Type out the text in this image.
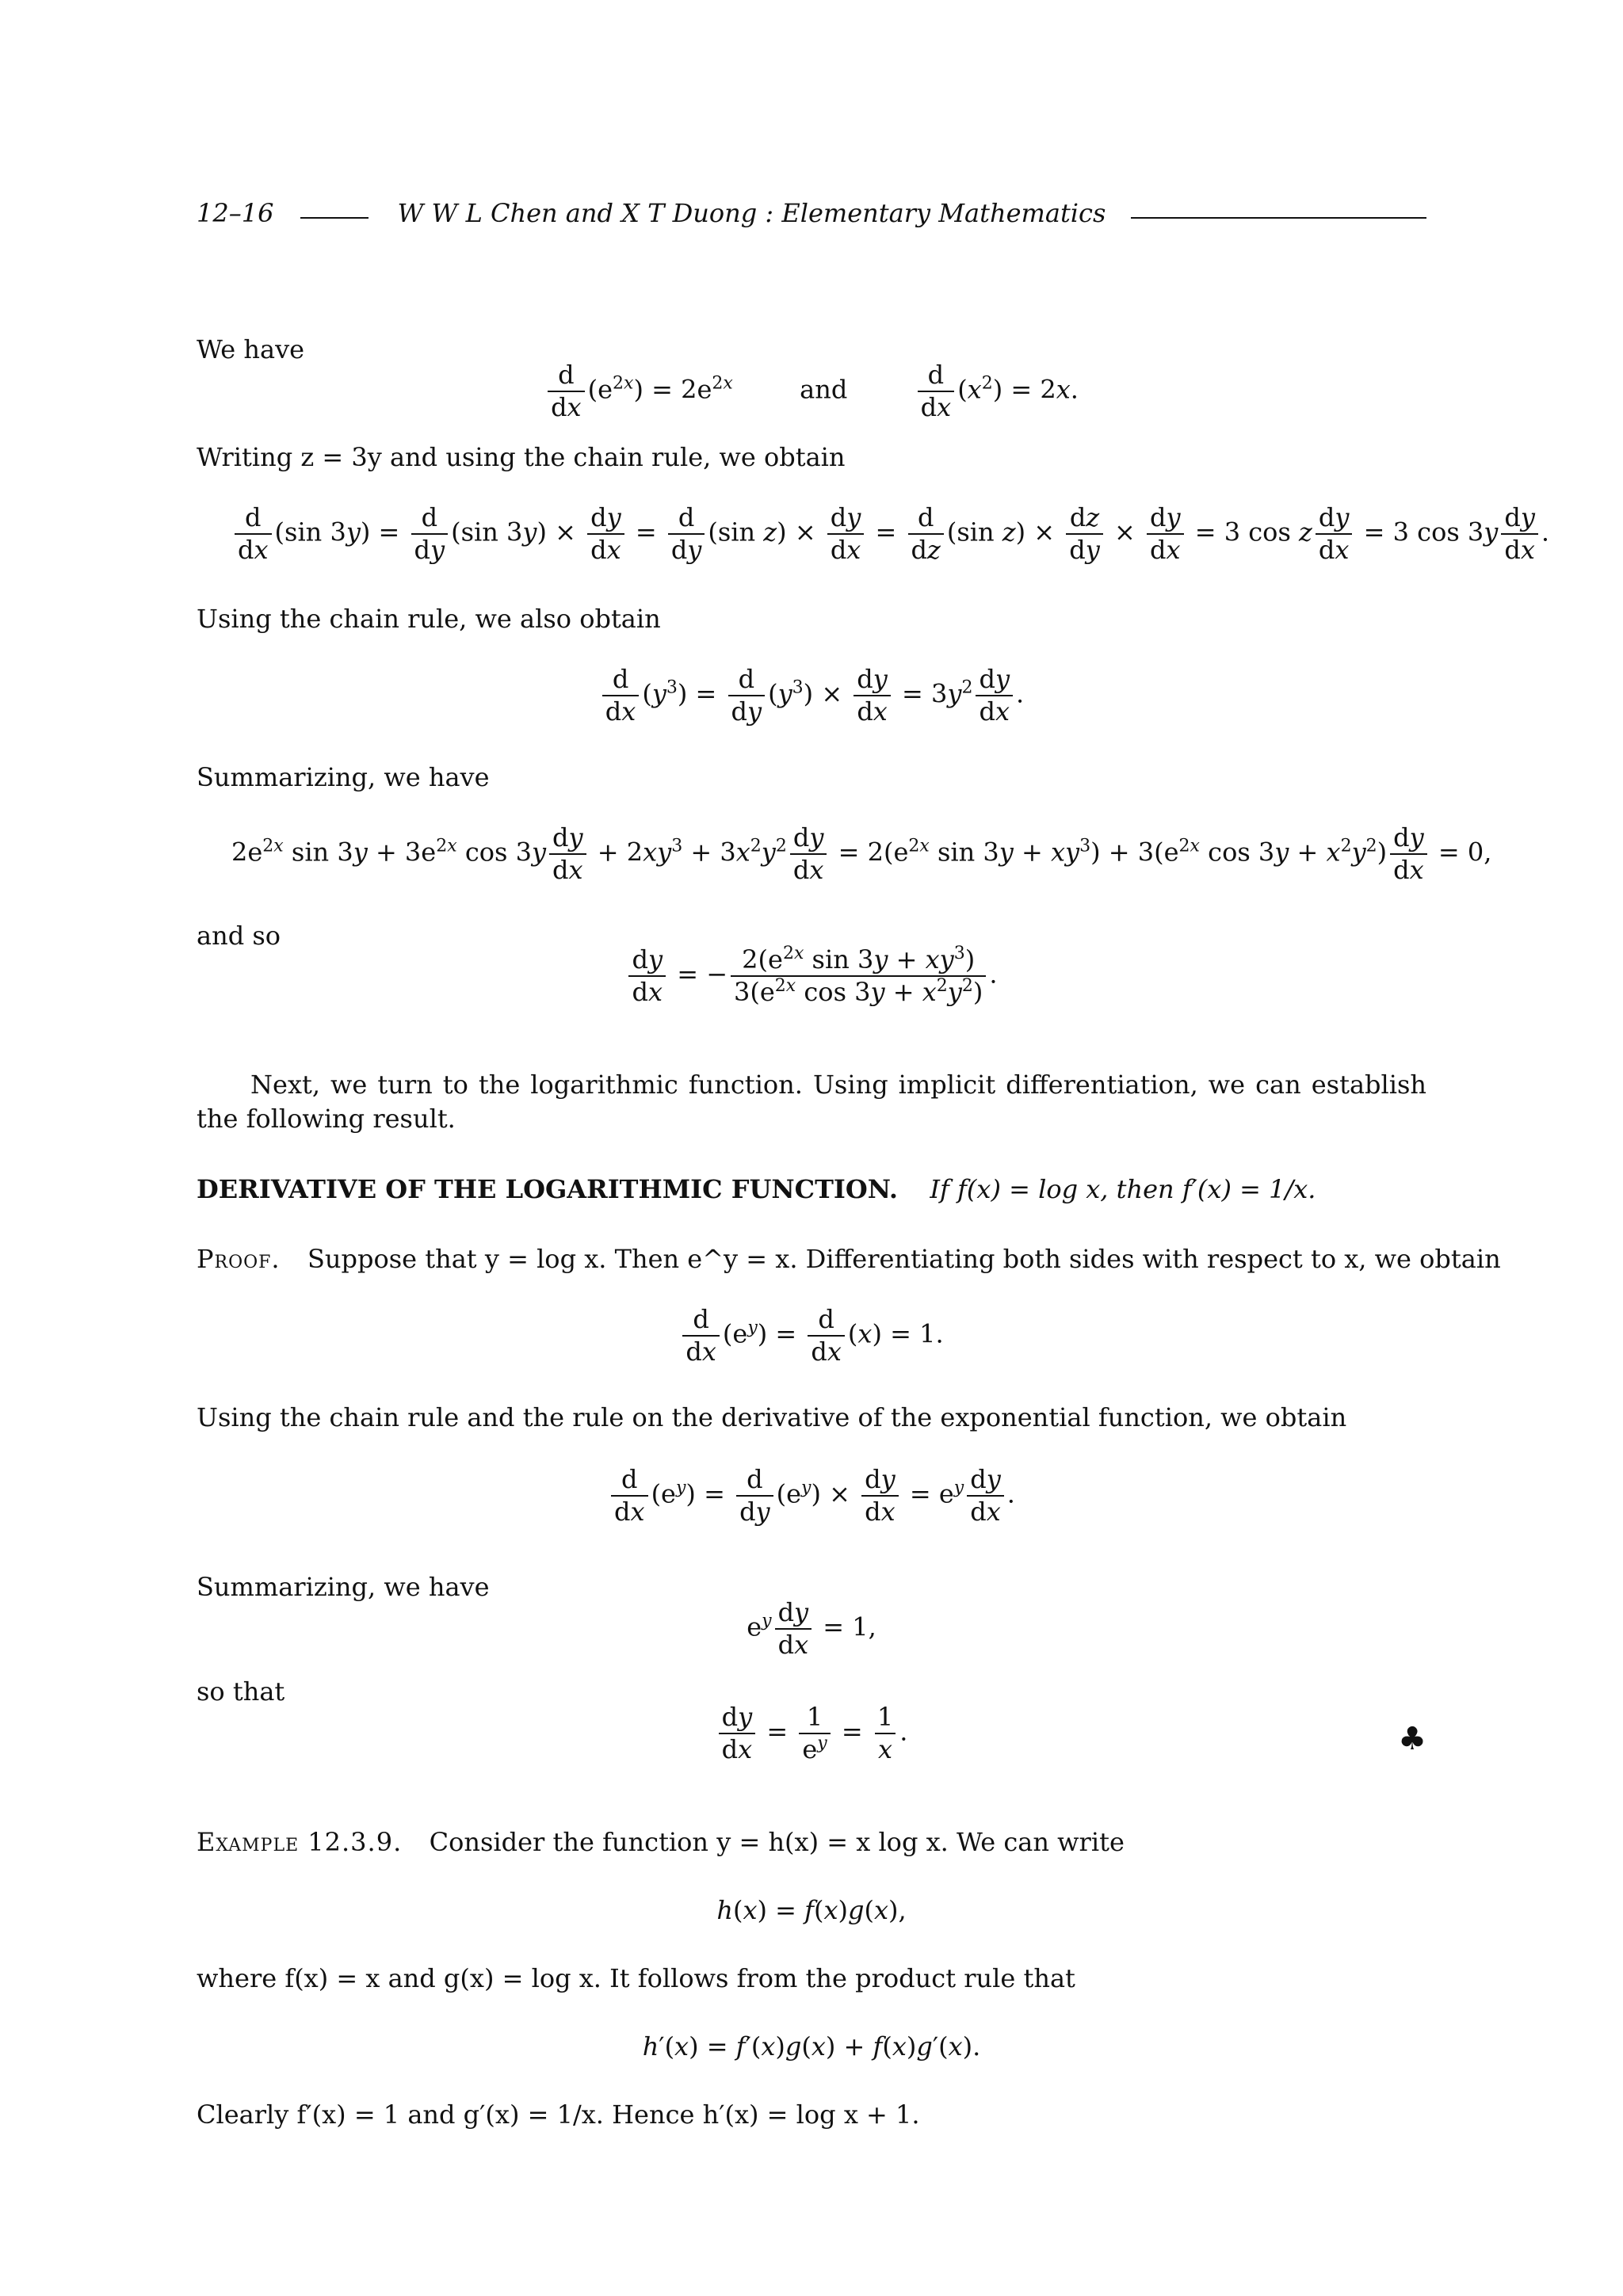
12–16	W W L Chen and X T Duong : Elementary Mathematics
We have
$\frac{d}{dx} (e^{2x}) = 2e^{2x}$	and	$\frac{d}{dx} (x^2) = 2x$.
Writing z = 3y and using the chain rule, we obtain
$\frac{d}{dx} (\sin$ $3y) = \frac{d}{dy} (\sin$ $3y) \times \frac{dy}{dx} = \frac{d}{dy} (\sin$ $z) \times \frac{dy}{dx} = \frac{d}{dz} (\sin$ $z) \times \frac{dz}{dy} \times \frac{dy}{dx} = 3$ cos z $\frac{dy}{dx} = 3$ $\cos 3y \frac{dy}{dx}$ .
Using the chain rule, we also obtain
$\frac{d}{dx} (y^3) = \frac{d}{dy} (y^3) \times \frac{dy}{dx} = 3y^2 \frac{dy}{dx}$ .
Summarizing, we have
$2e^{2x}$ $\sin 3y + 3e^{2x}$ $\cos 3y \frac{dy}{dx} + 2xy^3 + 3x^2y^2 \frac{dy}{dx} = 2(e^{2x}$ $\sin 3y + xy^3) + 3(e^{2x}$ $\cos 3y + x^2y^2) \frac{dy}{dx} = 0$,
and so
$\frac{dy}{dx}$ = − $\frac{2(e^{2x} \sin 3y + xy^3)}{3(e^{2x} \cos 3y + x^2y^2)}$ .
Next, we turn to the logarithmic function. Using implicit differentiation, we can establish the following result.
DERIVATIVE OF THE LOGARITHMIC FUNCTION. If f(x) = log x, then f′(x) = 1/x.
Proof. Suppose that y = log x. Then e^y = x. Differentiating both sides with respect to x, we obtain
$\frac{d}{dx} (e^y) = \frac{d}{dx} (x) = 1$.
Using the chain rule and the rule on the derivative of the exponential function, we obtain
$\frac{d}{dx} (e^y) = \frac{d}{dy} (e^y) \times \frac{dy}{dx} = e^y \frac{dy}{dx}$ .
Summarizing, we have
$e^y \frac{dy}{dx} = 1$,
so that
$\frac{dy}{dx} = \frac{1}{e^y} = \frac{1}{x}$ .	♣
Example 12.3.9. Consider the function y = h(x) = x log x. We can write
h(x) = f(x)g(x),
where f(x) = x and g(x) = log x. It follows from the product rule that
h′(x) = f′(x)g(x) + f(x)g′(x).
Clearly f′(x) = 1 and g′(x) = 1/x. Hence h′(x) = log x + 1.
